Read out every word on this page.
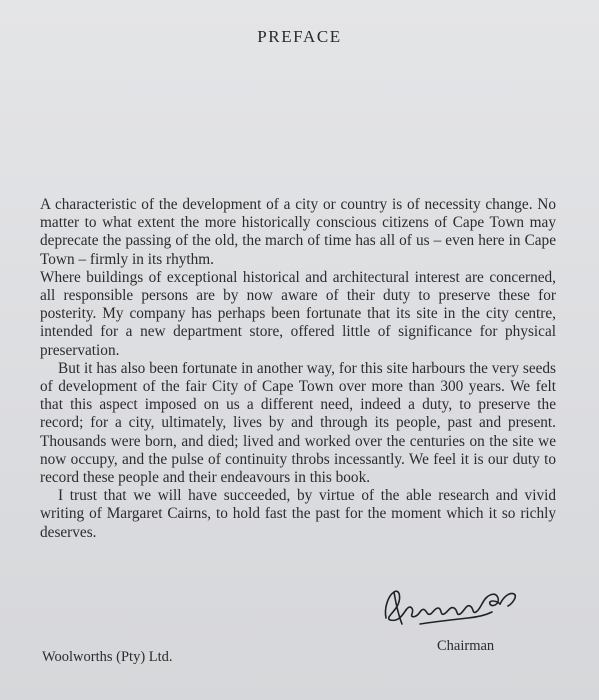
PREFACE

A characteristic of the development of a city or country is of necessity change. No matter to what extent the more historically conscious citizens of Cape Town may deprecate the passing of the old, the march of time has all of us – even here in Cape Town – firmly in its rhythm.

Where buildings of exceptional historical and architectural interest are concerned, all responsible persons are by now aware of their duty to preserve these for posterity. My company has perhaps been fortunate that its site in the city centre, intended for a new department store, offered little of significance for physical preservation.

But it has also been fortunate in another way, for this site harbours the very seeds of development of the fair City of Cape Town over more than 300 years. We felt that this aspect imposed on us a different need, indeed a duty, to preserve the record; for a city, ultimately, lives by and through its people, past and present. Thousands were born, and died; lived and worked over the centuries on the site we now occupy, and the pulse of continuity throbs incessantly. We feel it is our duty to record these people and their endeavours in this book.

I trust that we will have succeeded, by virtue of the able research and vivid writing of Margaret Cairns, to hold fast the past for the moment which it so richly deserves.

Chairman
Woolworths (Pty) Ltd.
